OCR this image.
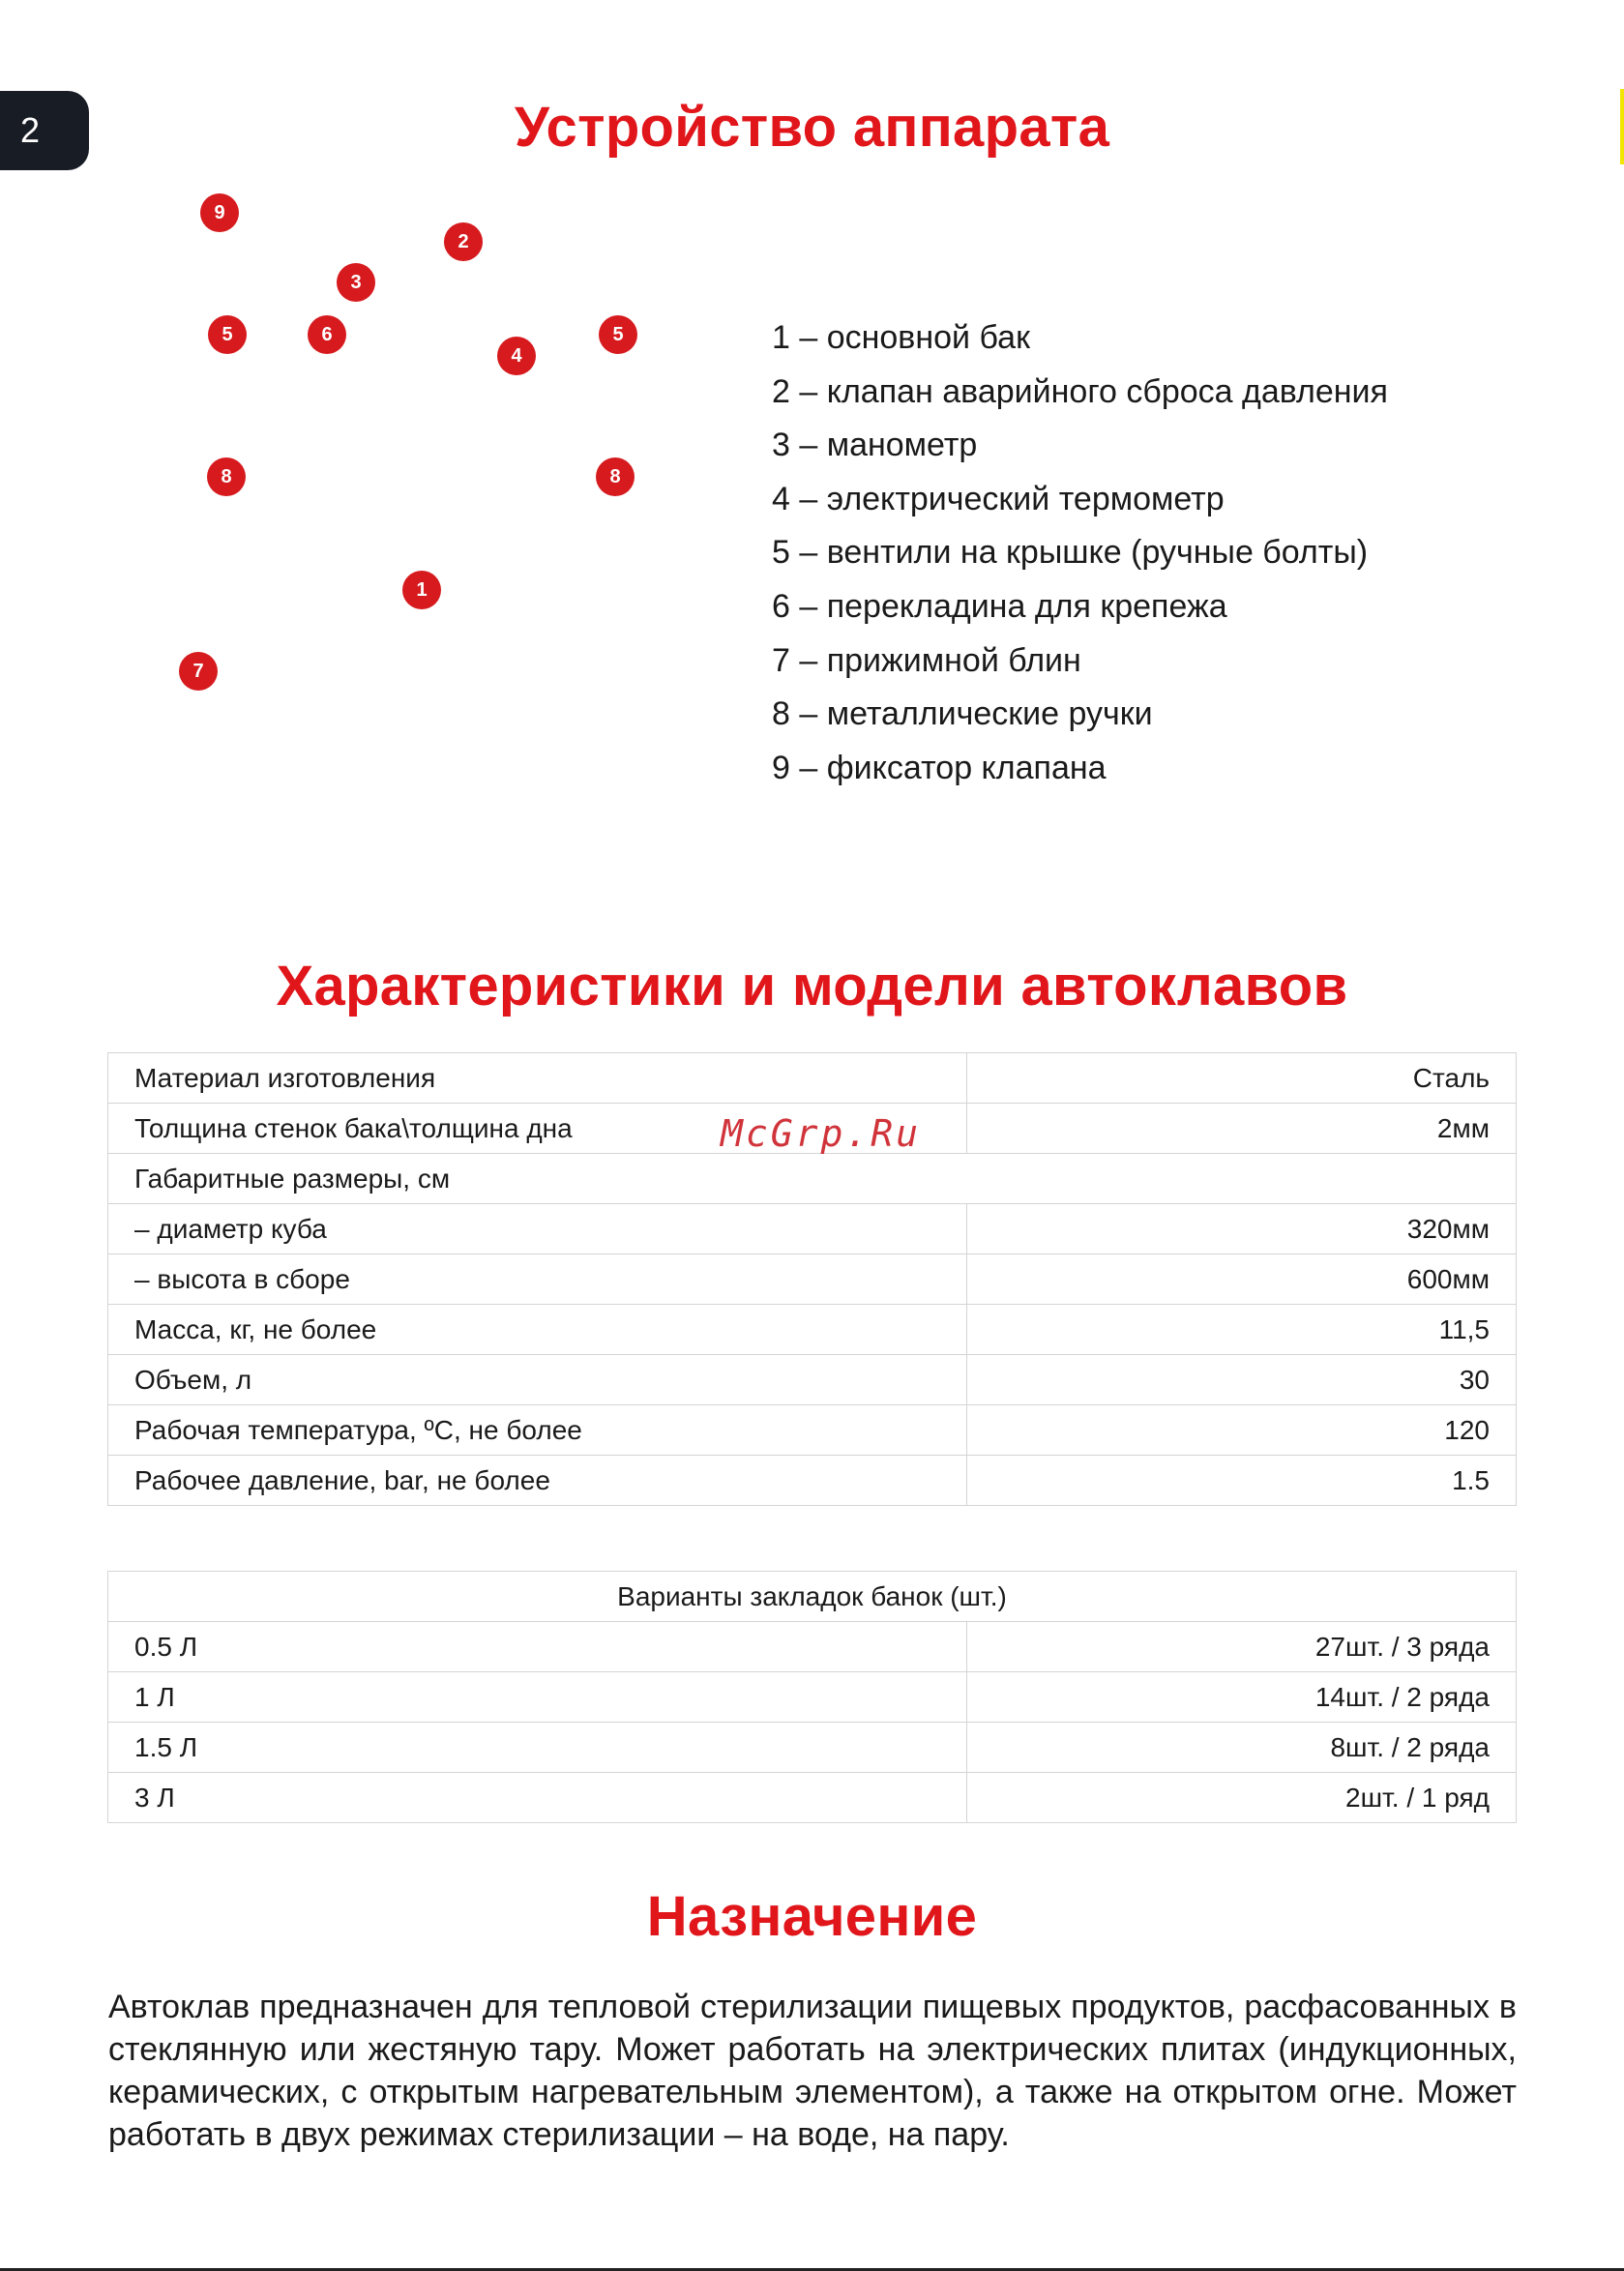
2	Устройство аппарата
9
2
3
5	6
4
5
8	8
1
7
1 – основной бак
2 – клапан аварийного сброса давления
3 – манометр
4 – электрический термометр
5 – вентили на крышке (ручные болты)
6 – перекладина для крепежа
7 – прижимной блин
8 – металлические ручки
9 – фиксатор клапана
Характеристики и модели автоклавов
Материал изготовления	Сталь
Толщина стенок бака\толщина дна	2мм
Габаритные размеры, см	
– диаметр куба	320мм
– высота в сборе	600мм
Масса, кг, не более	11,5
Объем, л	30
Рабочая температура, ºС, не более	120
Рабочее давление, bar, не более	1.5
McGrp.Ru
Варианты закладок банок (шт.)	
0.5 Л	27шт. / 3 ряда
1 Л	14шт. / 2 ряда
1.5 Л	8шт. / 2 ряда
3 Л	2шт. / 1 ряд
Назначение

Автоклав предназначен для тепловой стерилизации пищевых продуктов, расфасованных в стеклянную или жестяную тару. Может работать на электрических плитах (индукционных, керамических, с открытым нагревательным элементом), а также на открытом огне. Может работать в двух режимах стерилизации – на воде, на пару.
